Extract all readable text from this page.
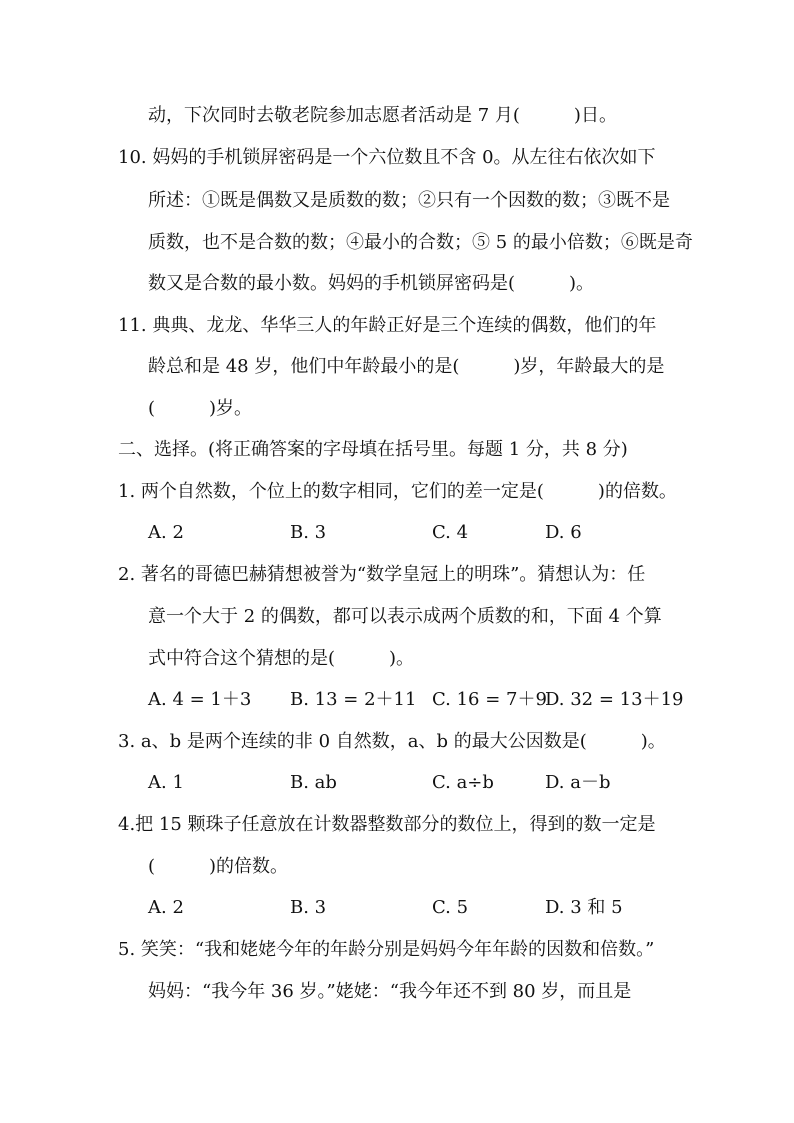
动，下次同时去敬老院参加志愿者活动是 7 月(　　　)日。
10. 妈妈的手机锁屏密码是一个六位数且不含 0。从左往右依次如下
所述：①既是偶数又是质数的数；②只有一个因数的数；③既不是
质数，也不是合数的数；④最小的合数；⑤ 5 的最小倍数；⑥既是奇
数又是合数的最小数。妈妈的手机锁屏密码是(　　　)。
11. 典典、龙龙、华华三人的年龄正好是三个连续的偶数，他们的年
龄总和是 48 岁，他们中年龄最小的是(　　　)岁，年龄最大的是
(　　　)岁。
二、选择。(将正确答案的字母填在括号里。每题 1 分，共 8 分)
1. 两个自然数，个位上的数字相同，它们的差一定是(　　　)的倍数。
A. 2	B. 3	C. 4	D. 6
2. 著名的哥德巴赫猜想被誉为“数学皇冠上的明珠”。猜想认为：任
意一个大于 2 的偶数，都可以表示成两个质数的和，下面 4 个算
式中符合这个猜想的是(　　　)。
A. 4 = 1＋3 B. 13 = 2＋11 C. 16 = 7＋9
D. 32 = 13＋19
3. a、b 是两个连续的非 0 自然数，a、b 的最大公因数是(　　　)。
A. 1	B. ab	C. a÷b	D. a－b
4.把 15 颗珠子任意放在计数器整数部分的数位上，得到的数一定是
(　　　)的倍数。
A. 2	B. 3	C. 5	D. 3 和 5
5. 笑笑：“我和姥姥今年的年龄分别是妈妈今年年龄的因数和倍数。”
妈妈：“我今年 36 岁。”姥姥：“我今年还不到 80 岁，而且是
